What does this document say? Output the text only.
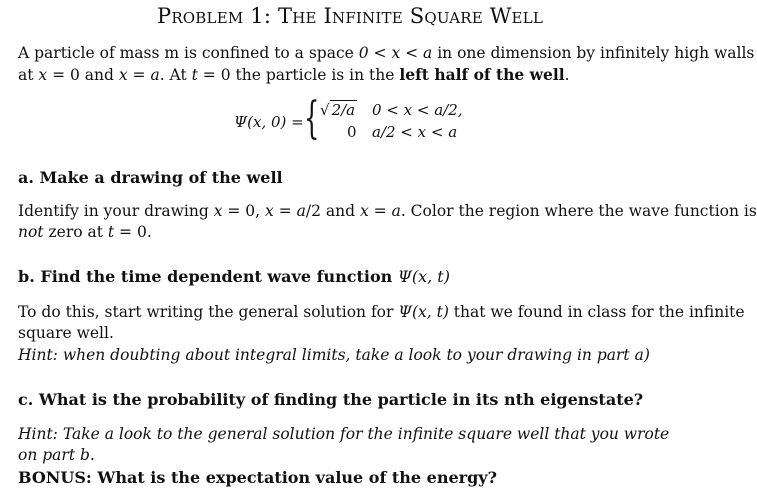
Problem 1: The Infinite Square Well
A particle of mass m is confined to a space 0 < x < a in one dimension by infinitely high walls
at x = 0 and x = a. At t = 0 the particle is in the left half of the well.
Ψ(x, 0) = { √ 2/a 0 < x < a/2,
0 a/2 < x < a
a. Make a drawing of the well
Identify in your drawing x = 0, x = a/2 and x = a. Color the region where the wave function is
not zero at t = 0.
b. Find the time dependent wave function Ψ(x, t)
To do this, start writing the general solution for Ψ(x, t) that we found in class for the infinite
square well.
Hint: when doubting about integral limits, take a look to your drawing in part a)
c. What is the probability of finding the particle in its nth eigenstate?
Hint: Take a look to the general solution for the infinite square well that you wrote on part b.
BONUS: What is the expectation value of the energy?
